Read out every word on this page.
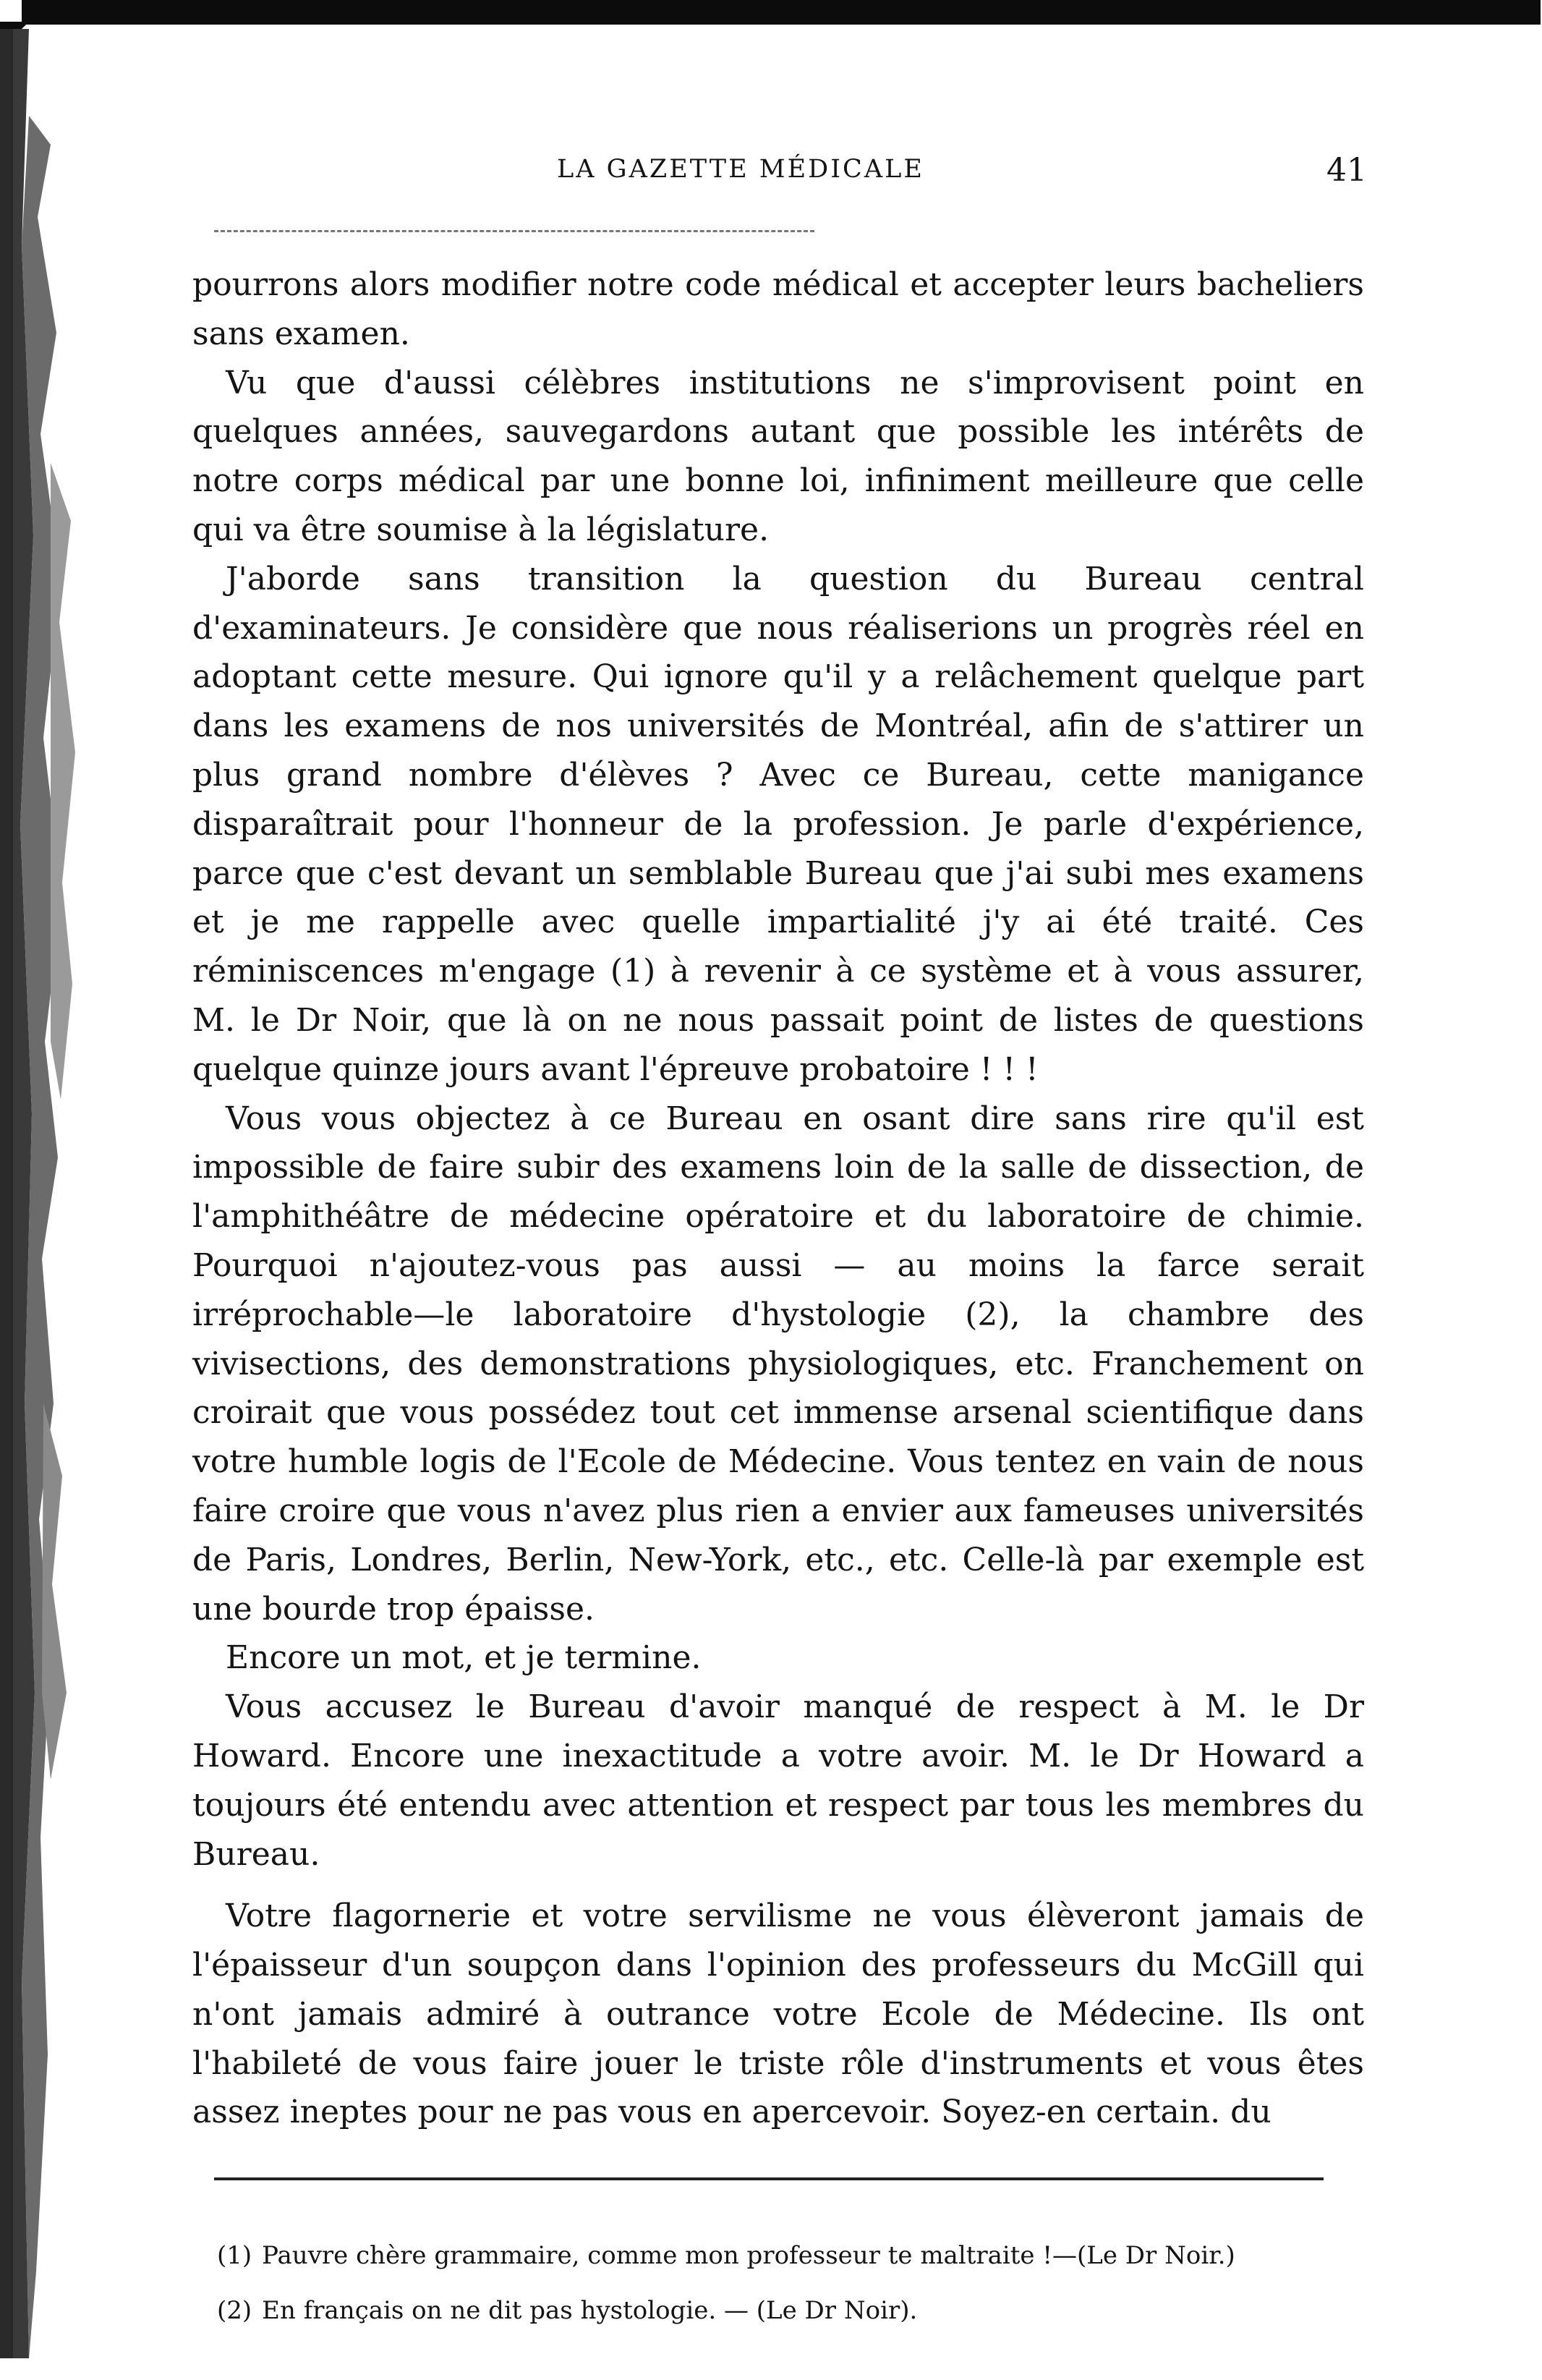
LA GAZETTE MÉDICALE	41

pourrons alors modifier notre code médical et accepter leurs bacheliers sans examen.

Vu que d'aussi célèbres institutions ne s'improvisent point en quelques années, sauvegardons autant que possible les intérêts de notre corps médical par une bonne loi, infiniment meilleure que celle qui va être soumise à la législature.

J'aborde sans transition la question du Bureau central d'examinateurs. Je considère que nous réaliserions un progrès réel en adoptant cette mesure. Qui ignore qu'il y a relâchement quelque part dans les examens de nos universités de Montréal, afin de s'attirer un plus grand nombre d'élèves ? Avec ce Bureau, cette manigance disparaîtrait pour l'honneur de la profession. Je parle d'expérience, parce que c'est devant un semblable Bureau que j'ai subi mes examens et je me rappelle avec quelle impartialité j'y ai été traité. Ces réminiscences m'engage (1) à revenir à ce système et à vous assurer, M. le Dr Noir, que là on ne nous passait point de listes de questions quelque quinze jours avant l'épreuve probatoire ! ! !

Vous vous objectez à ce Bureau en osant dire sans rire qu'il est impossible de faire subir des examens loin de la salle de dissection, de l'amphithéâtre de médecine opératoire et du laboratoire de chimie. Pourquoi n'ajoutez-vous pas aussi — au moins la farce serait irréprochable—le laboratoire d'hystologie (2), la chambre des vivisections, des demonstrations physiologiques, etc. Franchement on croirait que vous possédez tout cet immense arsenal scientifique dans votre humble logis de l'Ecole de Médecine. Vous tentez en vain de nous faire croire que vous n'avez plus rien a envier aux fameuses universités de Paris, Londres, Berlin, New-York, etc., etc. Celle-là par exemple est une bourde trop épaisse.

Encore un mot, et je termine.

Vous accusez le Bureau d'avoir manqué de respect à M. le Dr Howard. Encore une inexactitude a votre avoir. M. le Dr Howard a toujours été entendu avec attention et respect par tous les membres du Bureau.

Votre flagornerie et votre servilisme ne vous élèveront jamais de l'épaisseur d'un soupçon dans l'opinion des professeurs du McGill qui n'ont jamais admiré à outrance votre Ecole de Médecine. Ils ont l'habileté de vous faire jouer le triste rôle d'instruments et vous êtes assez ineptes pour ne pas vous en apercevoir. Soyez-en certain. du

(1) Pauvre chère grammaire, comme mon professeur te maltraite !—(Le Dr Noir.)
(2) En français on ne dit pas hystologie. — (Le Dr Noir).
